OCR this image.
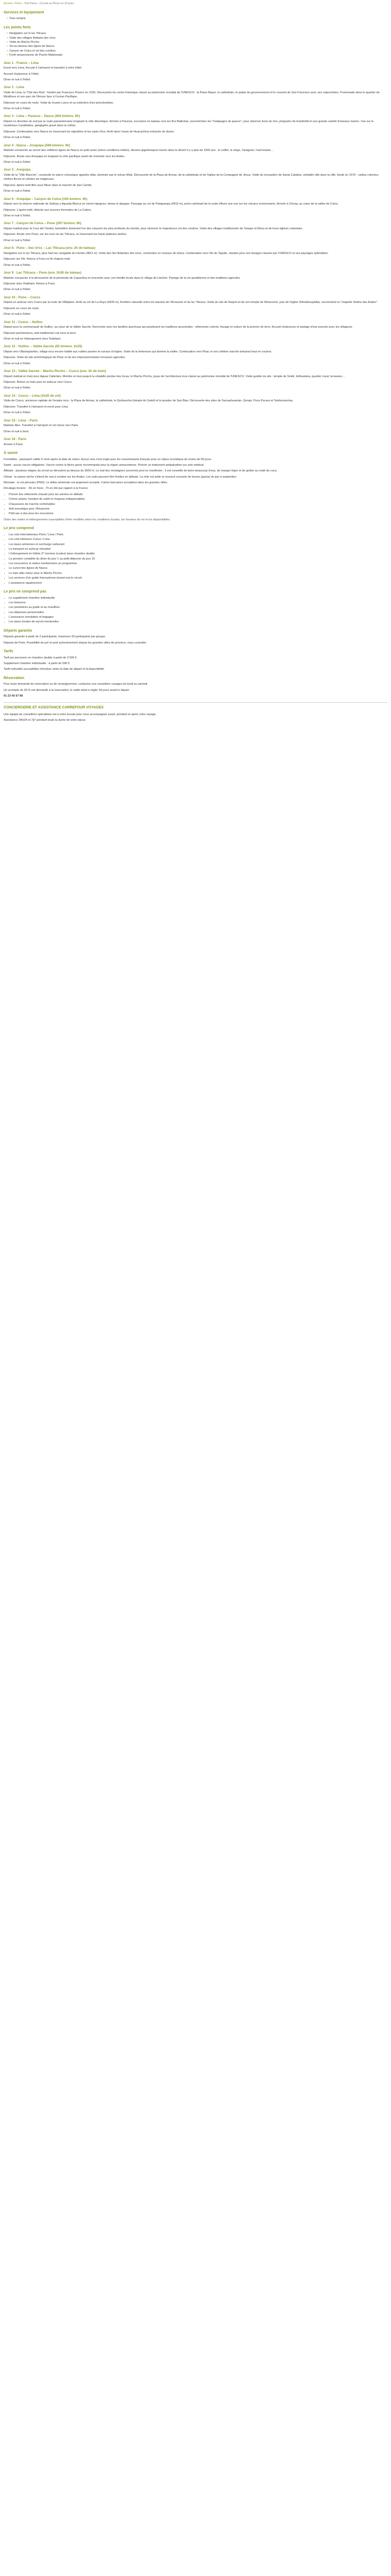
Accueil › Pérou › Tout Pérou - Circuits au Pérou en 20 jours
Services et équipement
• Tout compris
Les points forts
• Navigation sur le lac Titicaca
• Visite des villages flottants des Uros
• Visite du Machu Picchu
• Vol au-dessus des lignes de Nazca
• Canyon de Colca et vol des condors
• Forêt amazonienne de Puerto Maldonado
Jour 1 : France – Lima

Envol vers Lima. Accueil à l'aéroport et transfert à votre hôtel.

Accueil chaleureux à l'hôtel.

Dîner et nuit à l'hôtel.

Jour 2 : Lima

Visite de Lima, la "Cité des Rois", fondée par Francisco Pizarro en 1535. Découverte du centre historique classé au patrimoine mondial de l'UNESCO : la Plaza Mayor, la cathédrale, le palais du gouvernement et le couvent de San Francisco avec ses catacombes. Promenade dans le quartier de Miraflores et son parc de l'Amour face à l'océan Pacifique.

Déjeuner en cours de route. Visite du musée Larco et sa collection d'art précolombien.

Dîner et nuit à l'hôtel.

Jour 3 : Lima – Paracas – Nazca (404 km/env. 8h)

Départ en direction du sud par la route panaméricaine longeant la côte désertique. Arrivée à Paracas, excursion en bateau vers les îles Ballestas, surnommées les "Galápagos du pauvre", pour observer lions de mer, pingouins de Humboldt et une grande variété d'oiseaux marins. Vue sur le mystérieux Candélabre, géoglyphe gravé dans la colline.

Déjeuner. Continuation vers Nazca en traversant les vignobles et les oasis d'Ica. Arrêt dans l'oasis de Huacachina entourée de dunes.

Dîner et nuit à l'hôtel.

Jour 4 : Nazca – Arequipa (569 km/env. 9h)

Matinée consacrée au survol des célèbres lignes de Nazca en petit avion (selon conditions météo), dessins gigantesques tracés dans le désert il y a plus de 1500 ans : le colibri, le singe, l'araignée, l'astronaute…

Déjeuner. Route vers Arequipa en longeant la côte pacifique avant de remonter vers les Andes.

Dîner et nuit à l'hôtel.

Jour 5 : Arequipa

Visite de la "Ville Blanche", construite en pierre volcanique appelée sillar, dominée par le volcan Misti. Découverte de la Plaza de Armas, de la cathédrale et de l'église de la Compagnie de Jésus. Visite du monastère de Santa Catalina, véritable ville dans la ville, fondé en 1579 : ruelles colorées, cloîtres fleuris et cellules de religieuses.

Déjeuner. Après-midi libre pour flâner dans le marché de San Camilo.

Dîner et nuit à l'hôtel.

Jour 6 : Arequipa – Canyon de Colca (165 km/env. 4h)

Départ vers la réserve nationale de Salinas y Aguada Blanca où vivent vigognes, lamas et alpagas. Passage au col de Patapampa (4910 m), point culminant de la route offrant une vue sur les volcans environnants. Arrivée à Chivay, au cœur de la vallée de Colca.

Déjeuner. L'après-midi, détente aux sources thermales de La Calera.

Dîner et nuit à l'hôtel.

Jour 7 : Canyon de Colca – Puno (297 km/env. 6h)

Départ matinal pour la Cruz del Cóndor, belvédère dominant l'un des canyons les plus profonds du monde, pour observer le majestueux vol des condors. Visite des villages traditionnels de Yanque et Maca et de leurs églises coloniales.

Déjeuner. Route vers Puno, sur les rives du lac Titicaca, en traversant les hauts plateaux andins.

Dîner et nuit à l'hôtel.

Jour 8 : Puno – Iles Uros – Lac Titicaca (env. 2h de bateau)

Navigation sur le lac Titicaca, plus haut lac navigable du monde (3812 m). Visite des îles flottantes des Uros, construites en roseaux de totora. Continuation vers l'île de Taquile, réputée pour ses tissages classés par l'UNESCO et ses paysages splendides.

Déjeuner sur l'île. Retour à Puno en fin d'après-midi.

Dîner et nuit à l'hôtel.

Jour 9 : Lac Titicaca – Puno (env. 2h30 de bateau)

Matinée consacrée à la découverte de la péninsule de Capachica et rencontre avec une famille locale dans le village de Llachón. Partage de la vie quotidienne et des traditions agricoles.

Déjeuner chez l'habitant. Retour à Puno.

Dîner et nuit à l'hôtel.

Jour 10 : Puno – Cusco

Départ en autocar vers Cusco par la route de l'Altiplano. Arrêt au col de La Raya (4335 m), frontière naturelle entre les bassins de l'Amazone et du lac Titicaca. Visite du site de Raqchi et de son temple de Wiracocha, puis de l'église d'Andahuaylillas, surnommée la "chapelle Sixtine des Andes".

Déjeuner en cours de route.

Dîner et nuit à l'hôtel.

Jour 11 : Cusco – Huilloc

Départ pour la communauté de Huilloc, au cœur de la Vallée Sacrée. Rencontre avec les familles quechuas qui perpétuent les traditions ancestrales : vêtements colorés, tissage et culture de la pomme de terre. Accueil chaleureux et partage d'une journée avec les villageois.

Déjeuner pachamanca, plat traditionnel cuit sous la terre.

Dîner et nuit en hébergement chez l'habitant.

Jour 12 : Huilloc – Vallée Sacrée (55 km/env. 1h25)

Départ vers Ollantaytambo, village inca encore habité aux ruelles pavées et canaux d'origine. Visite de la forteresse qui domine la vallée. Continuation vers Pisac et son célèbre marché artisanal haut en couleur.

Déjeuner. Visite du site archéologique de Pisac et de ses impressionnantes terrasses agricoles.

Dîner et nuit à l'hôtel.

Jour 13 : Vallée Sacrée – Machu Picchu – Cusco (env. 3h de train)

Départ matinal en train pour Aguas Calientes. Montée en bus jusqu'à la citadelle perdue des Incas, le Machu Picchu, joyau de l'architecture inca classé au patrimoine mondial de l'UNESCO. Visite guidée du site : temple du Soleil, Intihuatana, quartier royal, terrasses…

Déjeuner. Retour en train puis en autocar vers Cusco.

Dîner et nuit à l'hôtel.

Jour 14 : Cusco – Lima (1h20 de vol)

Visite de Cusco, ancienne capitale de l'empire inca : la Plaza de Armas, la cathédrale, le Qorikancha (temple du Soleil) et le quartier de San Blas. Découverte des sites de Sacsayhuamán, Qenqo, Puca Pucara et Tambomachay.

Déjeuner. Transfert à l'aéroport et envol pour Lima.

Dîner et nuit à l'hôtel.

Jour 15 : Lima – Paris

Matinée libre. Transfert à l'aéroport et vol retour vers Paris.

Dîner et nuit à bord.

Jour 16 : Paris

Arrivée à Paris.

À savoir

Formalités : passeport valide 6 mois après la date de retour. Aucun visa n'est exigé pour les ressortissants français pour un séjour touristique de moins de 90 jours.

Santé : aucun vaccin obligatoire. Vaccin contre la fièvre jaune recommandé pour la région amazonienne. Prévoir un traitement antipaludéen sur avis médical.

Altitude : plusieurs étapes du circuit se déroulent au-dessus de 3500 m. Le mal des montagnes (soroche) peut se manifester ; il est conseillé de boire beaucoup d'eau, de manger léger et de goûter au maté de coca.

Climat : la saison sèche s'étend de mai à octobre sur les Andes. Les nuits peuvent être froides en altitude. La côte est aride et souvent couverte de brume (garúa) de juin à septembre.

Monnaie : le sol péruvien (PEN). Le dollar américain est largement accepté. Cartes bancaires acceptées dans les grandes villes.

Décalage horaire : -6h en hiver, -7h en été par rapport à la France.

• Prévoir des vêtements chauds pour les soirées en altitude
• Crème solaire, lunettes de soleil et chapeau indispensables
• Chaussures de marche confortables
• Anti-moustique pour l'Amazonie
• Petit sac à dos pour les excursions

Ordre des visites et hébergements susceptibles d'être modifiés selon les conditions locales, les horaires de vol et les disponibilités.

Le prix comprend
• Les vols internationaux Paris / Lima / Paris
• Les vols intérieurs Cusco / Lima
• Les taxes aériennes et surcharge carburant
• Le transport en autocar climatisé
• L'hébergement en hôtels 3* (normes locales) base chambre double
• La pension complète du dîner du jour 1 au petit-déjeuner du jour 15
• Les excursions et visites mentionnées au programme
• Le survol des lignes de Nazca
• Le train aller-retour pour le Machu Picchu
• Les services d'un guide francophone durant tout le circuit
• L'assistance-rapatriement
Le prix ne comprend pas
• Le supplément chambre individuelle
• Les boissons
• Les pourboires au guide et au chauffeur
• Les dépenses personnelles
• L'assurance annulation et bagages
• Les taxes locales de survol éventuelles
Départs garantis

Départs garantis à partir de 2 participants, maximum 20 participants par groupe.

Départs de Paris. Possibilité de pré et post acheminement depuis les grandes villes de province, nous consulter.

Tarifs

Tarif par personne en chambre double à partir de 3 590 €.

Supplément chambre individuelle : à partir de 590 €.

Tarifs indicatifs susceptibles d'évoluer selon la date de départ et la disponibilité.

Réservation

Pour toute demande de réservation ou de renseignement, contactez nos conseillers voyages du lundi au samedi.

Un acompte de 30 % est demandé à la réservation, le solde étant à régler 30 jours avant le départ.

01 23 45 67 89

CONCIERGERIE ET ASSISTANCE CARREFOUR VOYAGES

Une équipe de conseillers spécialisés est à votre écoute pour vous accompagner avant, pendant et après votre voyage.

Assistance 24h/24 et 7j/7 pendant toute la durée de votre séjour.
